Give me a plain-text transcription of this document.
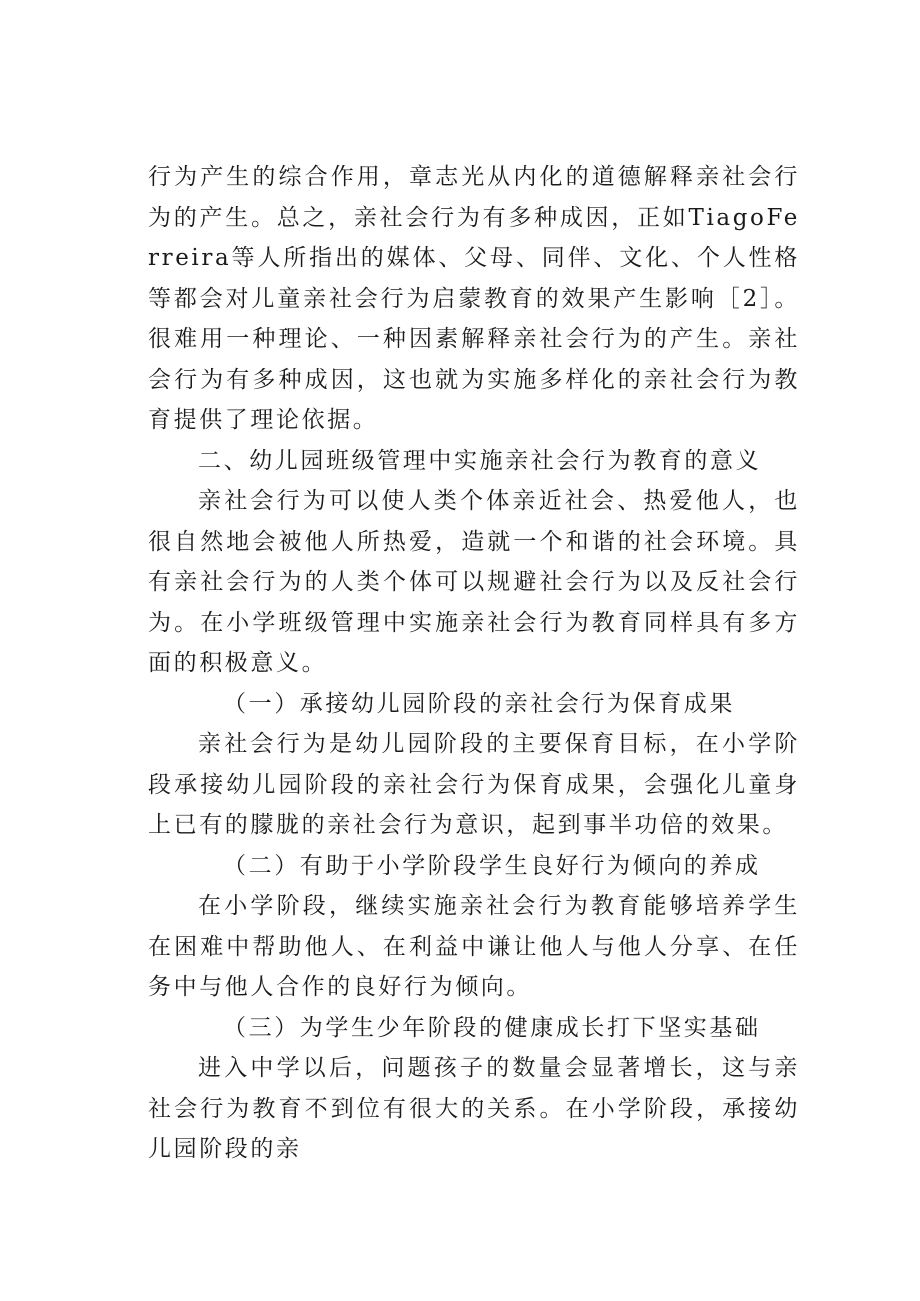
行为产生的综合作用，章志光从内化的道德解释亲社会行为的产生。总之，亲社会行为有多种成因，正如TiagoFerreira等人所指出的媒体、父母、同伴、文化、个人性格等都会对儿童亲社会行为启蒙教育的效果产生影响［2］。很难用一种理论、一种因素解释亲社会行为的产生。亲社会行为有多种成因，这也就为实施多样化的亲社会行为教育提供了理论依据。

二、幼儿园班级管理中实施亲社会行为教育的意义

亲社会行为可以使人类个体亲近社会、热爱他人，也很自然地会被他人所热爱，造就一个和谐的社会环境。具有亲社会行为的人类个体可以规避社会行为以及反社会行为。在小学班级管理中实施亲社会行为教育同样具有多方面的积极意义。

（一）承接幼儿园阶段的亲社会行为保育成果

亲社会行为是幼儿园阶段的主要保育目标，在小学阶段承接幼儿园阶段的亲社会行为保育成果，会强化儿童身上已有的朦胧的亲社会行为意识，起到事半功倍的效果。

（二）有助于小学阶段学生良好行为倾向的养成

在小学阶段，继续实施亲社会行为教育能够培养学生在困难中帮助他人、在利益中谦让他人与他人分享、在任务中与他人合作的良好行为倾向。

（三）为学生少年阶段的健康成长打下坚实基础

进入中学以后，问题孩子的数量会显著增长，这与亲社会行为教育不到位有很大的关系。在小学阶段，承接幼儿园阶段的亲
